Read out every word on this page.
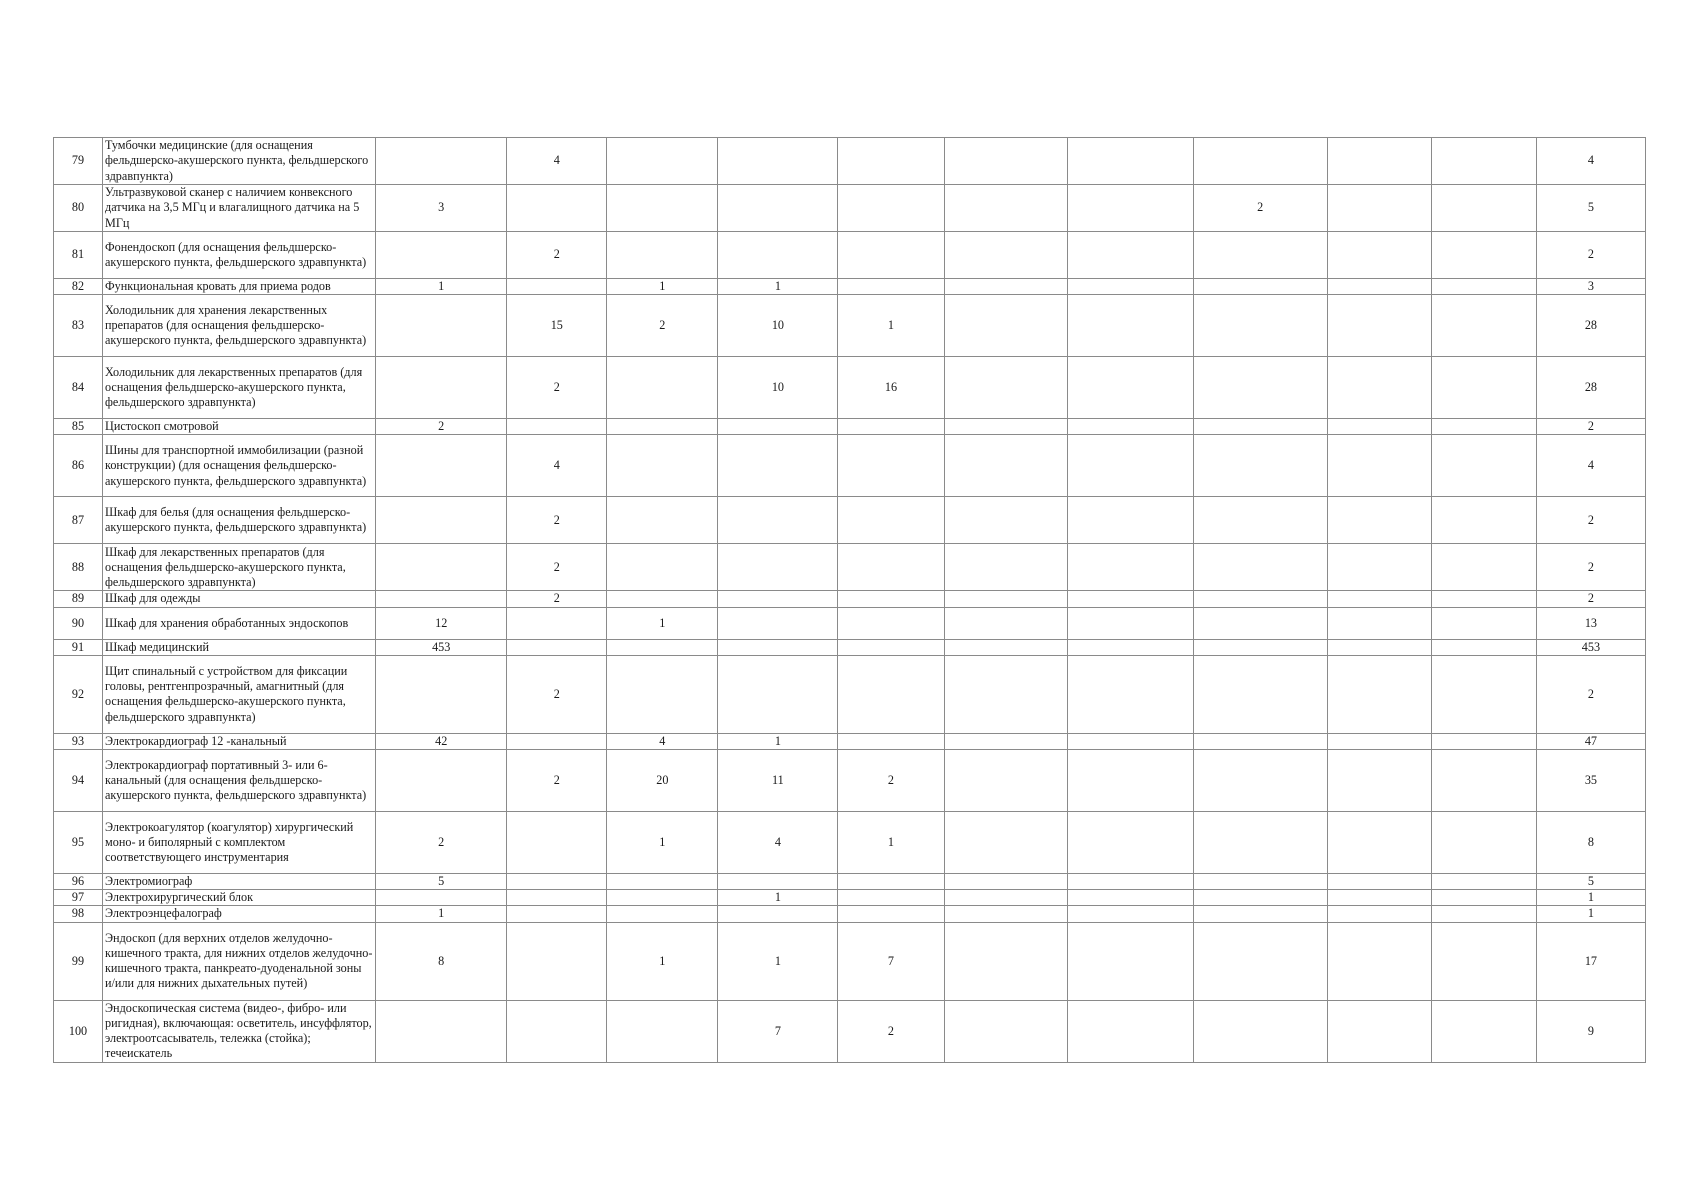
79	Тумбочки медицинские (для оснащения фельдшерско-акушерского пункта, фельдшерского здравпункта)		4									4
80	Ультразвуковой сканер с наличием конвексного датчика на 3,5 МГц и влагалищного датчика на 5 МГц	3							2			5
81	Фонендоскоп (для оснащения фельдшерско-акушерского пункта, фельдшерского здравпункта)		2									2
82	Функциональная кровать для приема родов	1		1	1							3
83	Холодильник для хранения лекарственных препаратов (для оснащения фельдшерско-акушерского пункта, фельдшерского здравпункта)		15	2	10	1						28
84	Холодильник для лекарственных препаратов (для оснащения фельдшерско-акушерского пункта, фельдшерского здравпункта)		2		10	16						28
85	Цистоскоп смотровой	2										2
86	Шины для транспортной иммобилизации (разной конструкции) (для оснащения фельдшерско-акушерского пункта, фельдшерского здравпункта)		4									4
87	Шкаф для белья (для оснащения фельдшерско-акушерского пункта, фельдшерского здравпункта)		2									2
88	Шкаф для лекарственных препаратов (для оснащения фельдшерско-акушерского пункта, фельдшерского здравпункта)		2									2
89	Шкаф для одежды		2									2
90	Шкаф для хранения обработанных эндоскопов	12		1								13
91	Шкаф медицинский	453										453
92	Щит спинальный с устройством для фиксации головы, рентгенпрозрачный, амагнитный (для оснащения фельдшерско-акушерского пункта, фельдшерского здравпункта)		2									2
93	Электрокардиограф 12 -канальный	42		4	1							47
94	Электрокардиограф портативный 3- или 6-канальный (для оснащения фельдшерско-акушерского пункта, фельдшерского здравпункта)		2	20	11	2						35
95	Электрокоагулятор (коагулятор) хирургический моно- и биполярный с комплектом соответствующего инструментария	2		1	4	1						8
96	Электромиограф	5										5
97	Электрохирургический блок				1							1
98	Электроэнцефалограф	1										1
99	Эндоскоп (для верхних отделов желудочно-кишечного тракта, для нижних отделов желудочно-кишечного тракта, панкреато-дуоденальной зоны и/или для нижних дыхательных путей)	8		1	1	7						17
100	Эндоскопическая система (видео-, фибро- или ригидная), включающая: осветитель, инсуффлятор, электроотсасыватель, тележка (стойка); течеискатель				7	2						9
